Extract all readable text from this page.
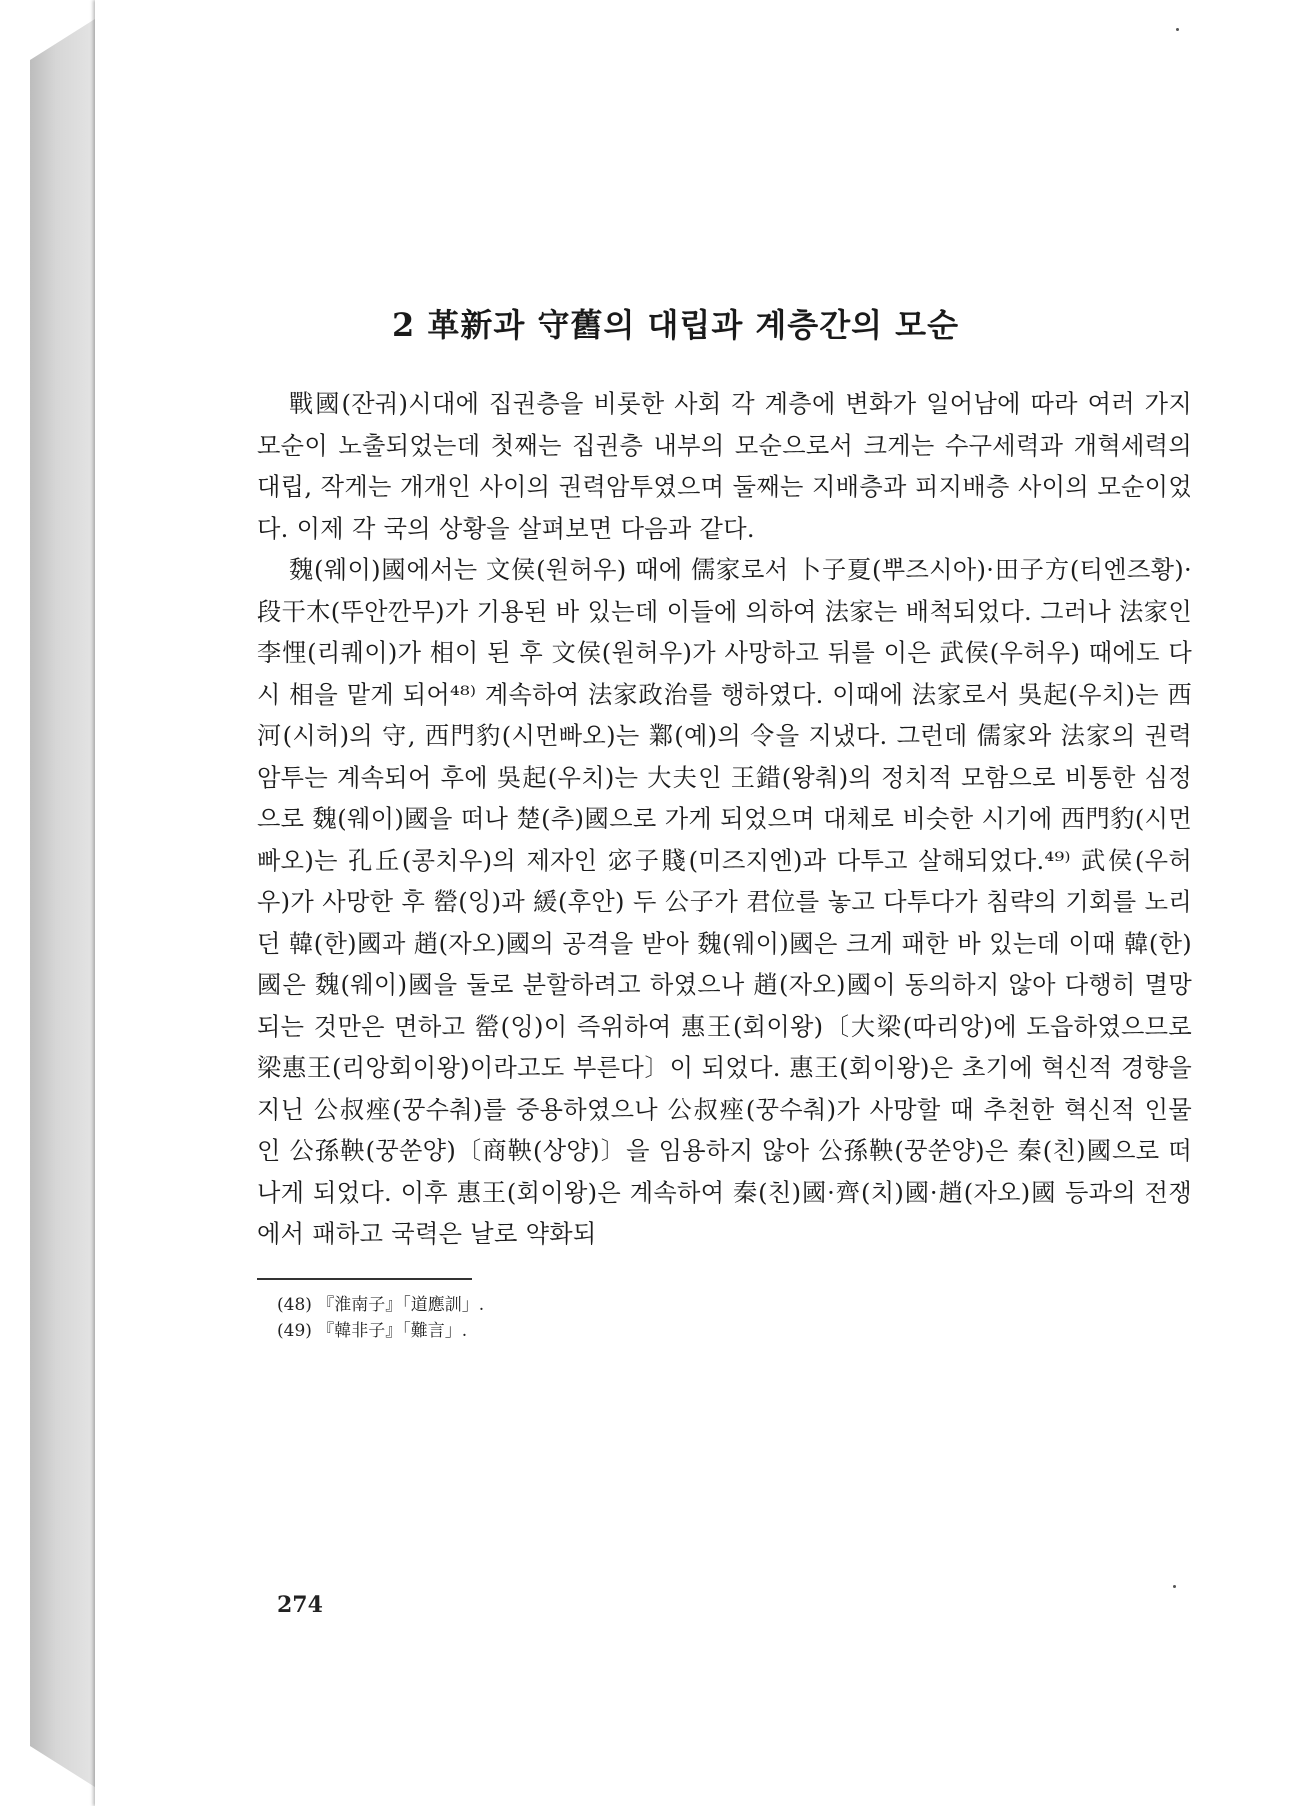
2 革新과 守舊의 대립과 계층간의 모순

戰國(잔궈)시대에 집권층을 비롯한 사회 각 계층에 변화가 일어남에 따라 여러 가지 모순이 노출되었는데 첫째는 집권층 내부의 모순으로서 크게는 수구세력과 개혁세력의 대립, 작게는 개개인 사이의 권력암투였으며 둘째는 지배층과 피지배층 사이의 모순이었다. 이제 각 국의 상황을 살펴보면 다음과 같다.

魏(웨이)國에서는 文侯(원허우) 때에 儒家로서 卜子夏(뿌즈시아)·田子方(티엔즈황)·段干木(뚜안깐무)가 기용된 바 있는데 이들에 의하여 法家는 배척되었다. 그러나 法家인 李悝(리퀘이)가 相이 된 후 文侯(원허우)가 사망하고 뒤를 이은 武侯(우허우) 때에도 다시 相을 맡게 되어⁴⁸⁾ 계속하여 法家政治를 행하였다. 이때에 法家로서 吳起(우치)는 西河(시허)의 守, 西門豹(시먼빠오)는 鄴(예)의 令을 지냈다. 그런데 儒家와 法家의 권력 암투는 계속되어 후에 吳起(우치)는 大夫인 王錯(왕춰)의 정치적 모함으로 비통한 심정으로 魏(웨이)國을 떠나 楚(추)國으로 가게 되었으며 대체로 비슷한 시기에 西門豹(시먼빠오)는 孔丘(콩치우)의 제자인 宓子賤(미즈지엔)과 다투고 살해되었다.⁴⁹⁾ 武侯(우허우)가 사망한 후 罃(잉)과 緩(후안) 두 公子가 君位를 놓고 다투다가 침략의 기회를 노리던 韓(한)國과 趙(자오)國의 공격을 받아 魏(웨이)國은 크게 패한 바 있는데 이때 韓(한)國은 魏(웨이)國을 둘로 분할하려고 하였으나 趙(자오)國이 동의하지 않아 다행히 멸망되는 것만은 면하고 罃(잉)이 즉위하여 惠王(회이왕)〔大梁(따리앙)에 도읍하였으므로 梁惠王(리앙회이왕)이라고도 부른다〕이 되었다. 惠王(회이왕)은 초기에 혁신적 경향을 지닌 公叔痤(꿍수춰)를 중용하였으나 公叔痤(꿍수춰)가 사망할 때 추천한 혁신적 인물인 公孫鞅(꿍쑨양)〔商鞅(상양)〕을 임용하지 않아 公孫鞅(꿍쑨양)은 秦(친)國으로 떠나게 되었다. 이후 惠王(회이왕)은 계속하여 秦(친)國·齊(치)國·趙(자오)國 등과의 전쟁에서 패하고 국력은 날로 약화되

(48) 『淮南子』「道應訓」.
(49) 『韓非子』「難言」.
274
